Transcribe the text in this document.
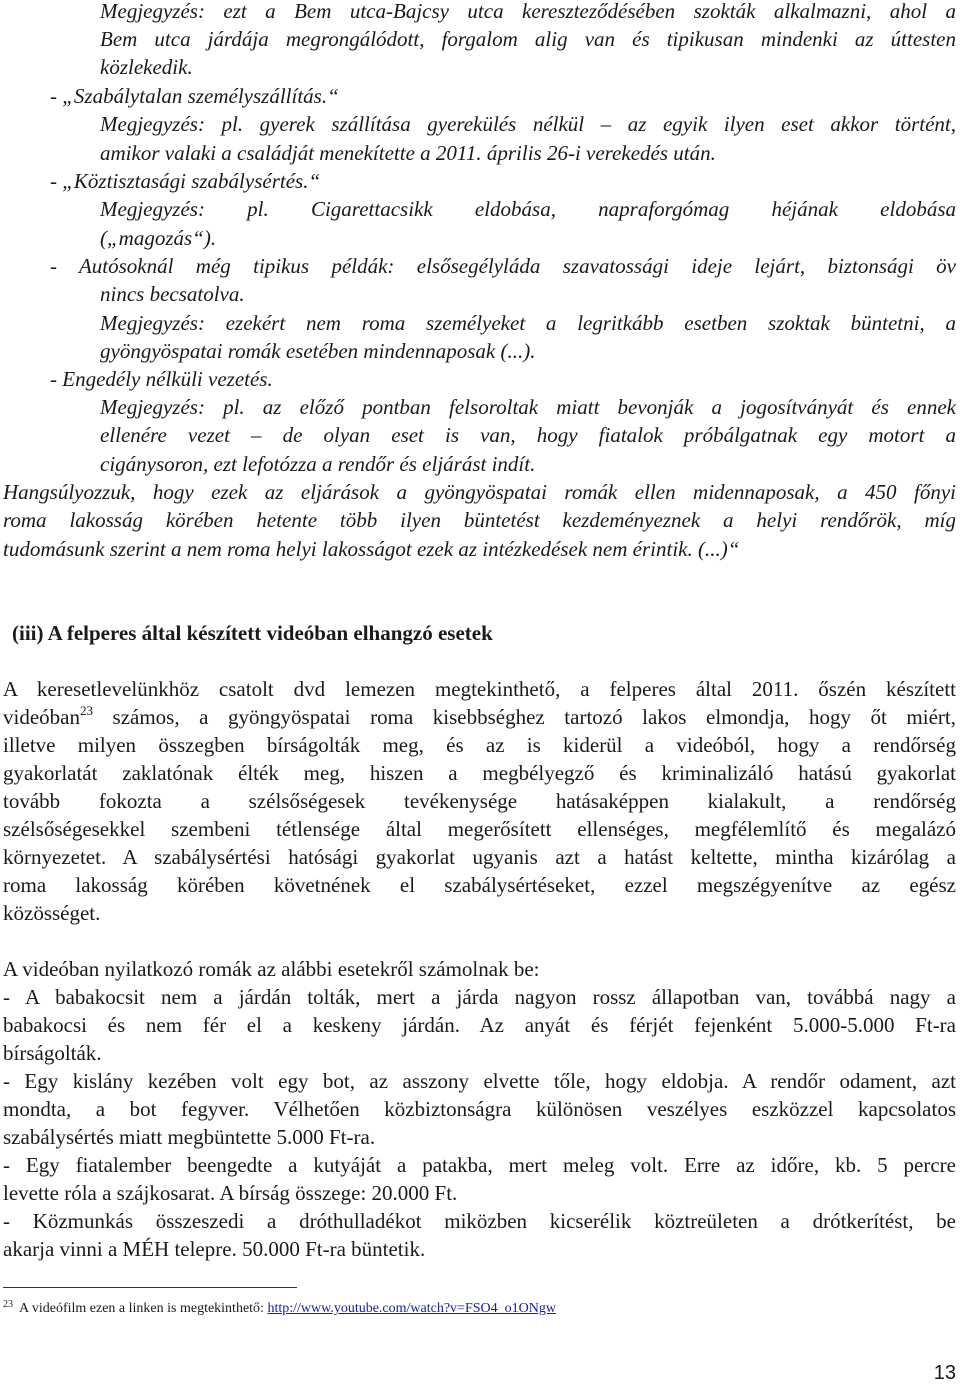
Megjegyzés: ezt a Bem utca-Bajcsy utca kereszteződésében szokták alkalmazni, ahol a

Bem utca járdája megrongálódott, forgalom alig van és tipikusan mindenki az úttesten

közlekedik.

- „Szabálytalan személyszállítás.“

Megjegyzés: pl. gyerek szállítása gyerekülés nélkül – az egyik ilyen eset akkor történt,

amikor valaki a családját menekítette a 2011. április 26-i verekedés után.

- „Köztisztasági szabálysértés.“

Megjegyzés: pl. Cigarettacsikk eldobása, napraforgómag héjának eldobása

(„magozás“).

- Autósoknál még tipikus példák: elsősegélyláda szavatossági ideje lejárt, biztonsági öv

nincs becsatolva.

Megjegyzés: ezekért nem roma személyeket a legritkább esetben szoktak büntetni, a

gyöngyöspatai romák esetében mindennaposak (...).

- Engedély nélküli vezetés.

Megjegyzés: pl. az előző pontban felsoroltak miatt bevonják a jogosítványát és ennek

ellenére vezet – de olyan eset is van, hogy fiatalok próbálgatnak egy motort a

cigánysoron, ezt lefotózza a rendőr és eljárást indít.

Hangsúlyozzuk, hogy ezek az eljárások a gyöngyöspatai romák ellen midennaposak, a 450 főnyi

roma lakosság körében hetente több ilyen büntetést kezdeményeznek a helyi rendőrök, míg

tudomásunk szerint a nem roma helyi lakosságot ezek az intézkedések nem érintik. (...)“

(iii) A felperes által készített videóban elhangzó esetek

A keresetlevelünkhöz csatolt dvd lemezen megtekinthető, a felperes által 2011. őszén készített

videóban$^{23}$ számos, a gyöngyöspatai roma kisebbséghez tartozó lakos elmondja, hogy őt miért,

illetve milyen összegben bírságolták meg, és az is kiderül a videóból, hogy a rendőrség

gyakorlatát zaklatónak élték meg, hiszen a megbélyegző és kriminalizáló hatású gyakorlat

tovább fokozta a szélsőségesek tevékenysége hatásaképpen kialakult, a rendőrség

szélsőségesekkel szembeni tétlensége által megerősített ellenséges, megfélemlítő és megalázó

környezetet. A szabálysértési hatósági gyakorlat ugyanis azt a hatást keltette, mintha kizárólag a

roma lakosság körében követnének el szabálysértéseket, ezzel megszégyenítve az egész

közösséget.

A videóban nyilatkozó romák az alábbi esetekről számolnak be:

- A babakocsit nem a járdán tolták, mert a járda nagyon rossz állapotban van, továbbá nagy a

babakocsi és nem fér el a keskeny járdán. Az anyát és férjét fejenként 5.000-5.000 Ft-ra

bírságolták.

- Egy kislány kezében volt egy bot, az asszony elvette tőle, hogy eldobja. A rendőr odament, azt

mondta, a bot fegyver. Vélhetően közbiztonságra különösen veszélyes eszközzel kapcsolatos

szabálysértés miatt megbüntette 5.000 Ft-ra.

- Egy fiatalember beengedte a kutyáját a patakba, mert meleg volt. Erre az időre, kb. 5 percre

levette róla a szájkosarat. A bírság összege: 20.000 Ft.

- Közmunkás összeszedi a dróthulladékot miközben kicserélik köztreületen a drótkerítést, be

akarja vinni a MÉH telepre. 50.000 Ft-ra büntetik.

$^{23}$ A videófilm ezen a linken is megtekinthető: http://www.youtube.com/watch?v=FSO4_o1ONgw
13
